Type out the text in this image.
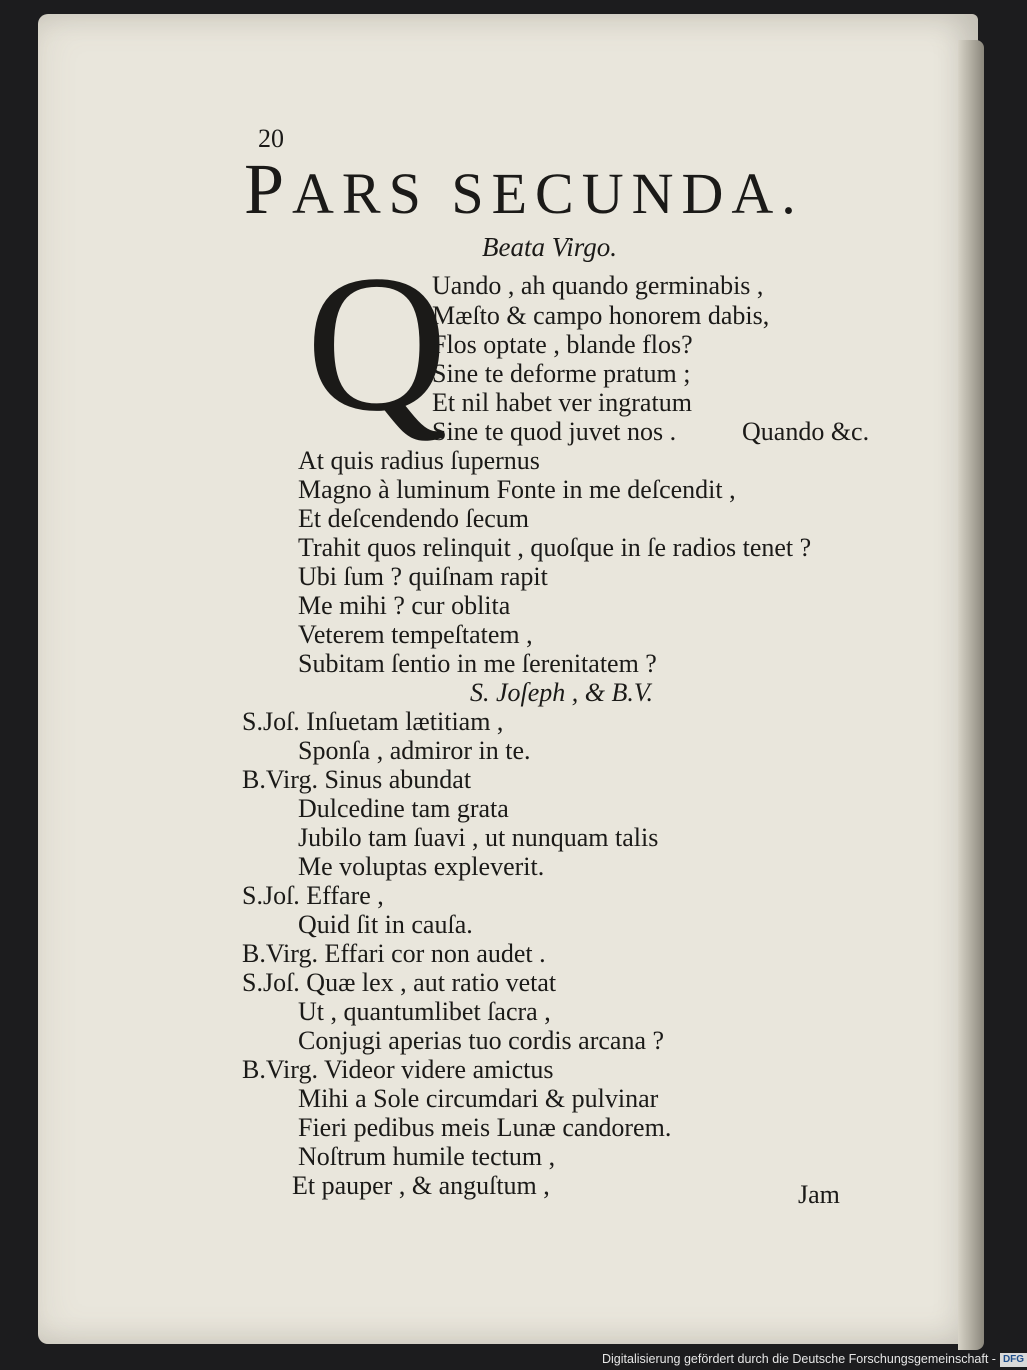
20
PARS SECUNDA.
Beata Virgo.
Q
Uando , ah quando germinabis ,
Mæſto & campo honorem dabis,
Flos optate , blande flos?
Sine te deforme pratum ;
Et nil habet ver ingratum
Sine te quod juvet nos .	Quando &c.
At quis radius ſupernus
Magno à luminum Fonte in me deſcendit ,
Et deſcendendo ſecum
Trahit quos relinquit , quoſque in ſe radios tenet ?
Ubi ſum ? quiſnam rapit
Me mihi ? cur oblita
Veterem tempeſtatem ,
Subitam ſentio in me ſerenitatem ?
S. Joſeph , & B.V.
S.Joſ. Inſuetam lætitiam ,
Sponſa , admiror in te.
B.Virg. Sinus abundat
Dulcedine tam grata
Jubilo tam ſuavi , ut nunquam talis
Me voluptas expleverit.
S.Joſ. Effare ,
Quid ſit in cauſa.
B.Virg. Effari cor non audet .
S.Joſ. Quæ lex , aut ratio vetat
Ut , quantumlibet ſacra ,
Conjugi aperias tuo cordis arcana ?
B.Virg. Videor videre amictus
Mihi a Sole circumdari & pulvinar
Fieri pedibus meis Lunæ candorem.
Noſtrum humile tectum ,
Et pauper , & anguſtum ,	Jam
Digitalisierung gefördert durch die Deutsche Forschungsgemeinschaft - DFG
